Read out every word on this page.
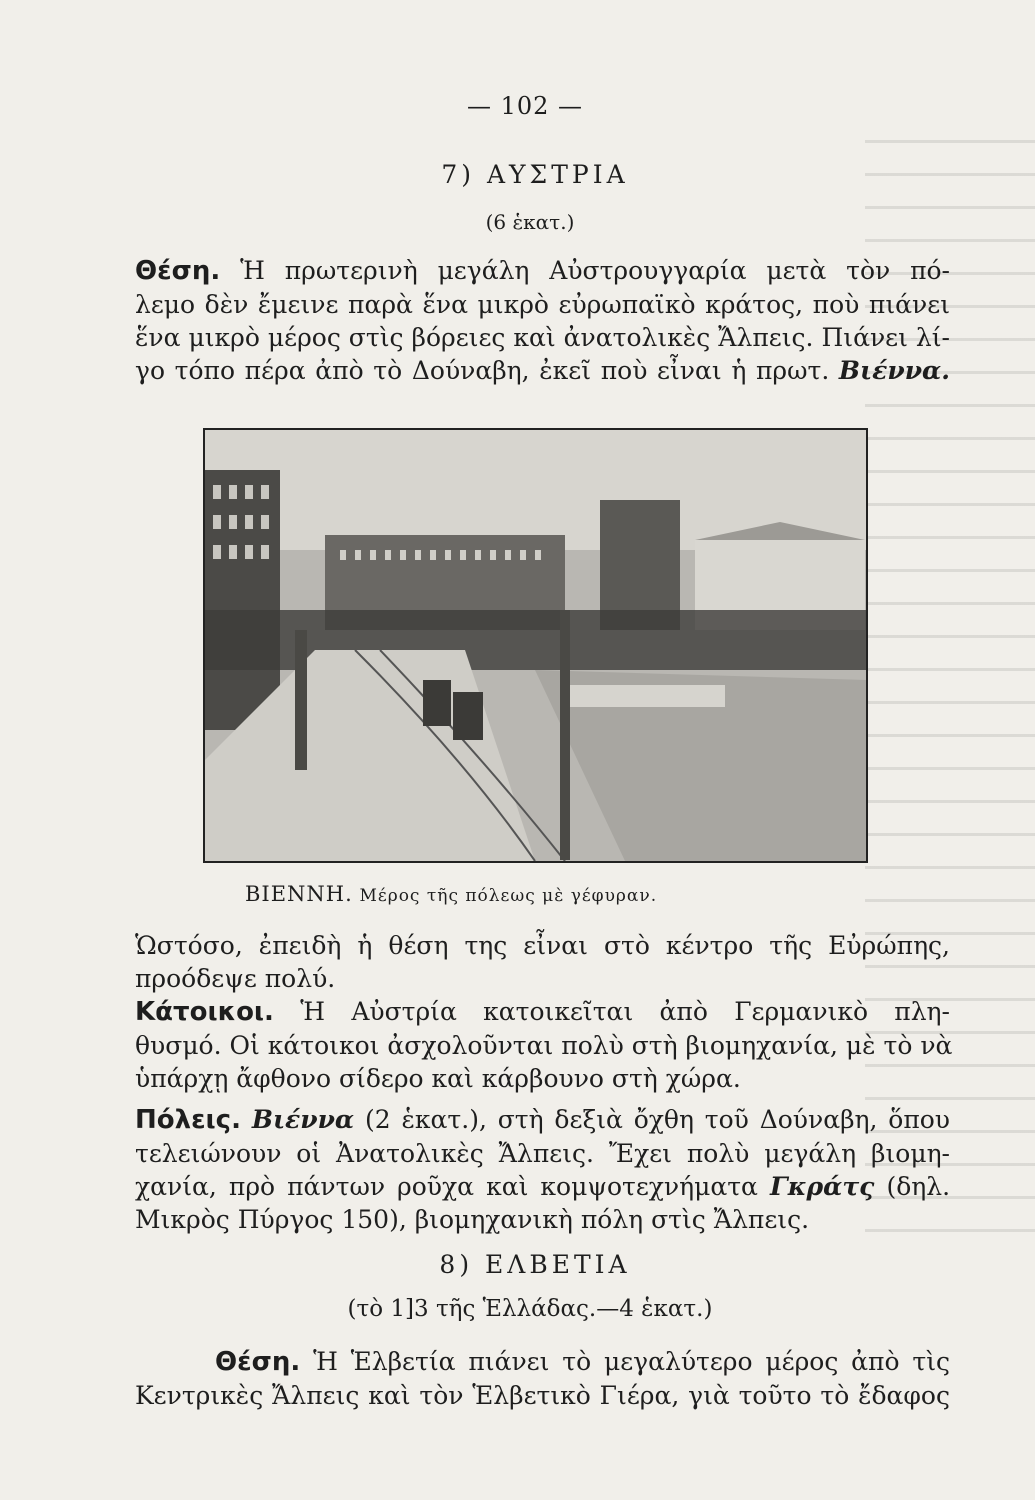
— 102 —
7) ΑΥΣΤΡΙΑ
(6 ἑκατ.)
Θέση. Ἡ πρωτερινὴ μεγάλη Αὐστρουγγαρία μετὰ τὸν πό-
λεμο δὲν ἔμεινε παρὰ ἕνα μικρὸ εὐρωπαϊκὸ κράτος, ποὺ πιάνει
ἕνα μικρὸ μέρος στὶς βόρειες καὶ ἀνατολικὲς Ἄλπεις. Πιάνει λί-
γο τόπο πέρα ἀπὸ τὸ Δούναβη, ἐκεῖ ποὺ εἶναι ἡ πρωτ. Βιέννα.
ΒΙΕΝΝΗ. Μέρος τῆς πόλεως μὲ γέφυραν.
Ὡστόσο, ἐπειδὴ ἡ θέση της εἶναι στὸ κέντρο τῆς Εὐρώπης,
προόδεψε πολύ.
Κάτοικοι. Ἡ Αὐστρία κατοικεῖται ἀπὸ Γερμανικὸ πλη-
θυσμό. Οἱ κάτοικοι ἀσχολοῦνται πολὺ στὴ βιομηχανία, μὲ τὸ νὰ
ὑπάρχῃ ἄφθονο σίδερο καὶ κάρβουνο στὴ χώρα.
Πόλεις. Βιέννα (2 ἑκατ.), στὴ δεξιὰ ὄχθη τοῦ Δούναβη, ὅπου
τελειώνουν οἱ Ἀνατολικὲς Ἄλπεις. Ἔχει πολὺ μεγάλη βιομη-
χανία, πρὸ πάντων ροῦχα καὶ κομψοτεχνήματα Γκράτς (δηλ.
Μικρὸς Πύργος 150), βιομηχανικὴ πόλη στὶς Ἄλπεις.
8) ΕΛΒΕΤΙΑ
(τὸ 1]3 τῆς Ἑλλάδας.—4 ἑκατ.)
Θέση. Ἡ Ἑλβετία πιάνει τὸ μεγαλύτερο μέρος ἀπὸ τὶς
Κεντρικὲς Ἄλπεις καὶ τὸν Ἑλβετικὸ Γιέρα, γιὰ τοῦτο τὸ ἔδαφος
